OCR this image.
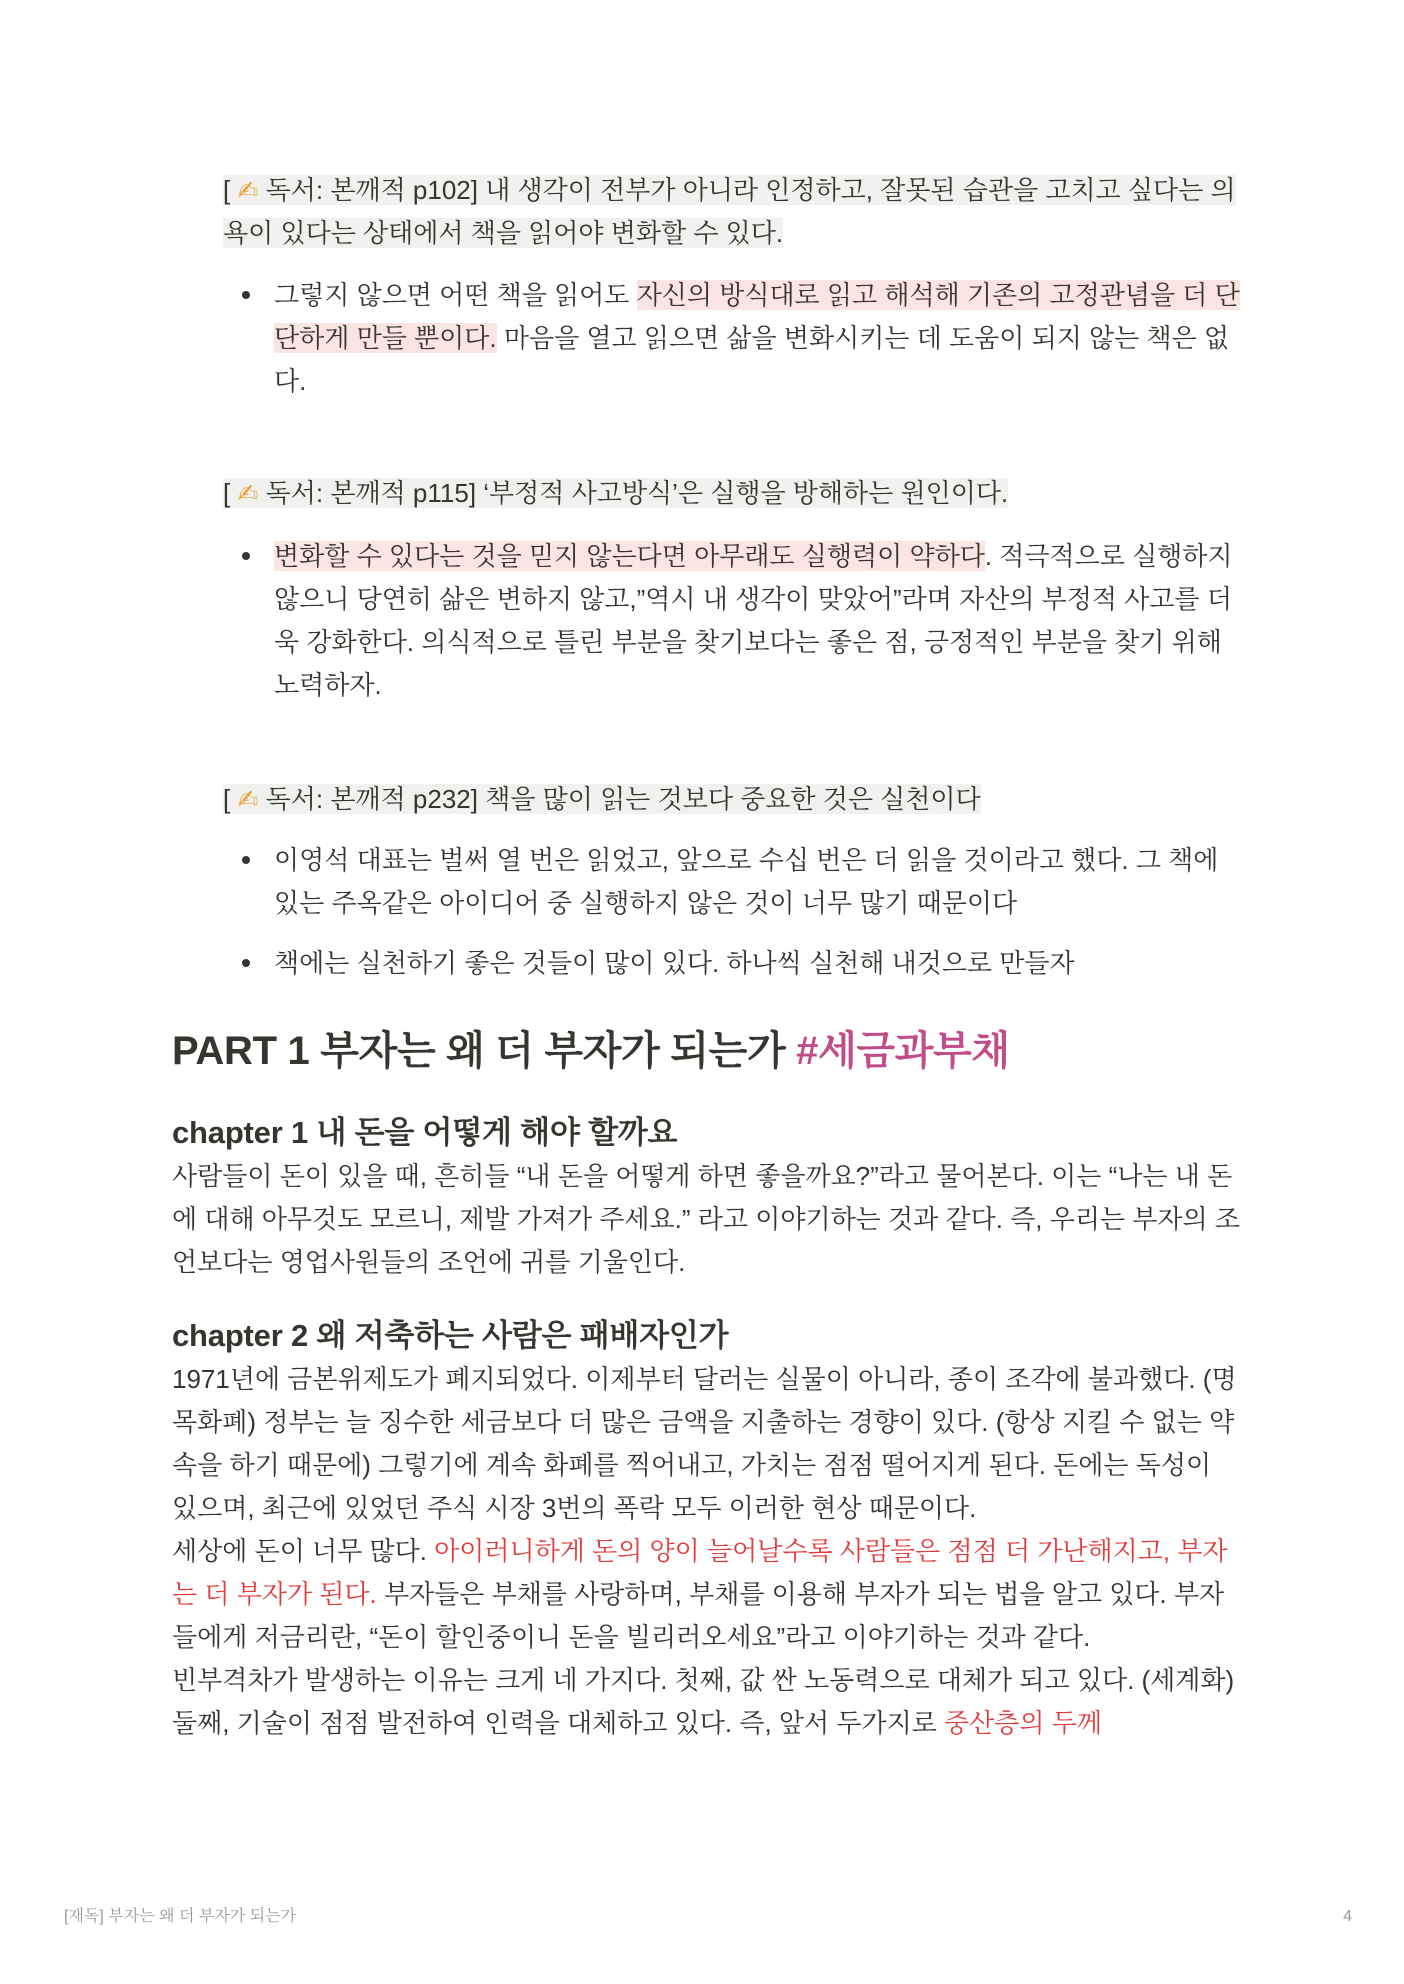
[ ✍ 독서: 본깨적 p102] 내 생각이 전부가 아니라 인정하고, 잘못된 습관을 고치고 싶다는 의욕이 있다는 상태에서 책을 읽어야 변화할 수 있다.

그렇지 않으면 어떤 책을 읽어도 자신의 방식대로 읽고 해석해 기존의 고정관념을 더 단단하게 만들 뿐이다. 마음을 열고 읽으면 삶을 변화시키는 데 도움이 되지 않는 책은 없다.

[ ✍ 독서: 본깨적 p115] ‘부정적 사고방식’은 실행을 방해하는 원인이다.

변화할 수 있다는 것을 믿지 않는다면 아무래도 실행력이 약하다. 적극적으로 실행하지 않으니 당연히 삶은 변하지 않고,”역시 내 생각이 맞았어”라며 자산의 부정적 사고를 더욱 강화한다. 의식적으로 틀린 부분을 찾기보다는 좋은 점, 긍정적인 부분을 찾기 위해 노력하자.

[ ✍ 독서: 본깨적 p232] 책을 많이 읽는 것보다 중요한 것은 실천이다

이영석 대표는 벌써 열 번은 읽었고, 앞으로 수십 번은 더 읽을 것이라고 했다. 그 책에 있는 주옥같은 아이디어 중 실행하지 않은 것이 너무 많기 때문이다
책에는 실천하기 좋은 것들이 많이 있다. 하나씩 실천해 내것으로 만들자
PART 1 부자는 왜 더 부자가 되는가 #세금과부채
chapter 1 내 돈을 어떻게 해야 할까요

사람들이 돈이 있을 때, 흔히들 “내 돈을 어떻게 하면 좋을까요?”라고 물어본다. 이는 “나는 내 돈에 대해 아무것도 모르니, 제발 가져가 주세요.” 라고 이야기하는 것과 같다. 즉, 우리는 부자의 조언보다는 영업사원들의 조언에 귀를 기울인다.

chapter 2 왜 저축하는 사람은 패배자인가

1971년에 금본위제도가 폐지되었다. 이제부터 달러는 실물이 아니라, 종이 조각에 불과했다. (명목화폐) 정부는 늘 징수한 세금보다 더 많은 금액을 지출하는 경향이 있다. (항상 지킬 수 없는 약속을 하기 때문에) 그렇기에 계속 화폐를 찍어내고, 가치는 점점 떨어지게 된다. 돈에는 독성이 있으며, 최근에 있었던 주식 시장 3번의 폭락 모두 이러한 현상 때문이다.

세상에 돈이 너무 많다. 아이러니하게 돈의 양이 늘어날수록 사람들은 점점 더 가난해지고, 부자는 더 부자가 된다. 부자들은 부채를 사랑하며, 부채를 이용해 부자가 되는 법을 알고 있다. 부자들에게 저금리란, “돈이 할인중이니 돈을 빌리러오세요”라고 이야기하는 것과 같다.

빈부격차가 발생하는 이유는 크게 네 가지다. 첫째, 값 싼 노동력으로 대체가 되고 있다. (세계화) 둘째, 기술이 점점 발전하여 인력을 대체하고 있다. 즉, 앞서 두가지로 중산층의 두께

[재독] 부자는 왜 더 부자가 되는가	4
